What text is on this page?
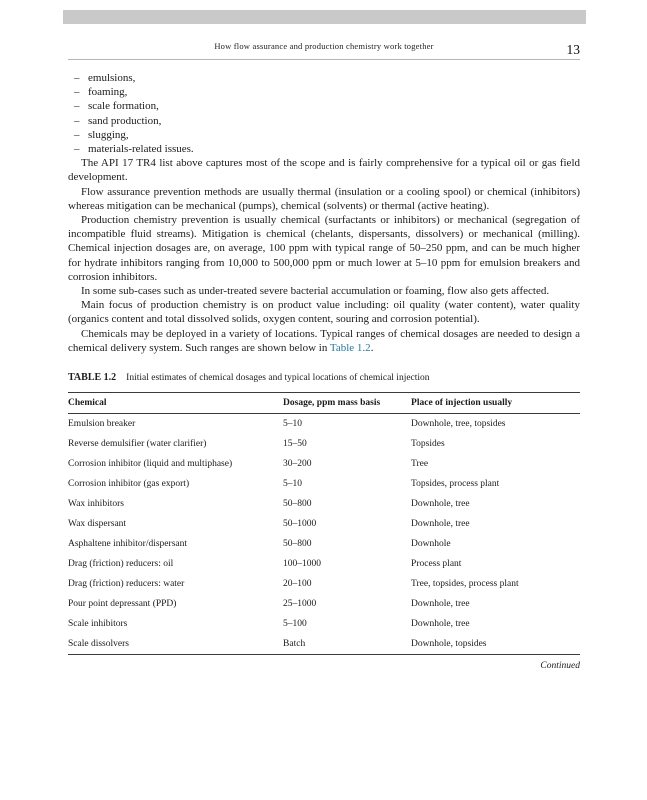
How flow assurance and production chemistry work together	13
– emulsions,
– foaming,
– scale formation,
– sand production,
– slugging,
– materials-related issues.

The API 17 TR4 list above captures most of the scope and is fairly comprehensive for a typical oil or gas field development.

Flow assurance prevention methods are usually thermal (insulation or a cooling spool) or chemical (inhibitors) whereas mitigation can be mechanical (pumps), chemical (solvents) or thermal (active heating).

Production chemistry prevention is usually chemical (surfactants or inhibitors) or mechanical (segregation of incompatible fluid streams). Mitigation is chemical (chelants, dispersants, dissolvers) or mechanical (milling). Chemical injection dosages are, on average, 100 ppm with typical range of 50–250 ppm, and can be much higher for hydrate inhibitors ranging from 10,000 to 500,000 ppm or much lower at 5–10 ppm for emulsion breakers and corrosion inhibitors.

In some sub-cases such as under-treated severe bacterial accumulation or foaming, flow also gets affected.

Main focus of production chemistry is on product value including: oil quality (water content), water quality (organics content and total dissolved solids, oxygen content, souring and corrosion potential).

Chemicals may be deployed in a variety of locations. Typical ranges of chemical dosages are needed to design a chemical delivery system. Such ranges are shown below in Table 1.2.

TABLE 1.2 Initial estimates of chemical dosages and typical locations of chemical injection
Chemical	Dosage, ppm mass basis	Place of injection usually
Emulsion breaker	5–10	Downhole, tree, topsides
Reverse demulsifier (water clarifier)	15–50	Topsides
Corrosion inhibitor (liquid and multiphase)	30–200	Tree
Corrosion inhibitor (gas export)	5–10	Topsides, process plant
Wax inhibitors	50–800	Downhole, tree
Wax dispersant	50–1000	Downhole, tree
Asphaltene inhibitor/dispersant	50–800	Downhole
Drag (friction) reducers: oil	100–1000	Process plant
Drag (friction) reducers: water	20–100	Tree, topsides, process plant
Pour point depressant (PPD)	25–1000	Downhole, tree
Scale inhibitors	5–100	Downhole, tree
Scale dissolvers	Batch	Downhole, topsides
Continued
